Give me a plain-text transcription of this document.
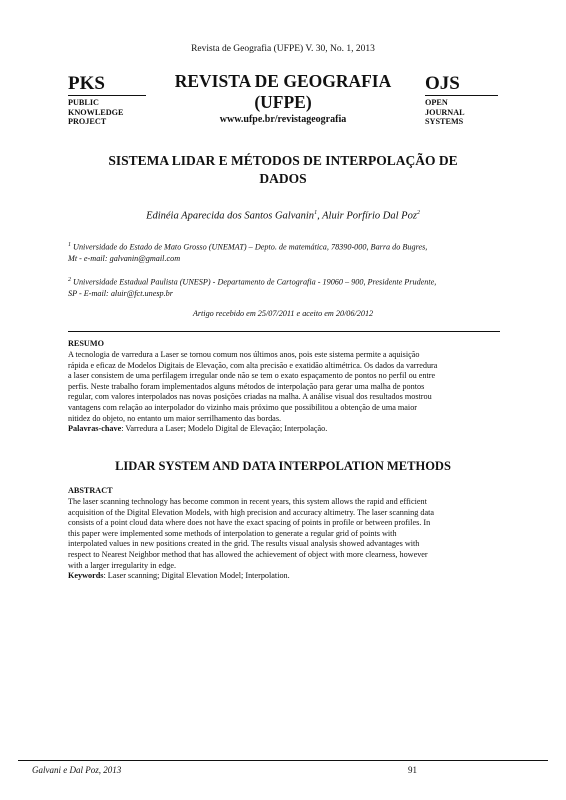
Revista de Geografia (UFPE) V. 30, No. 1, 2013
PKS
PUBLIC
KNOWLEDGE
PROJECT
REVISTA DE GEOGRAFIA
(UFPE)
www.ufpe.br/revistageografia
OJS
OPEN
JOURNAL
SYSTEMS
SISTEMA LIDAR E MÉTODOS DE INTERPOLAÇÃO DE
DADOS
Edinéia Aparecida dos Santos Galvanin$^1$, Aluir Porfírio Dal Poz$^2$
$^1$ Universidade do Estado de Mato Grosso (UNEMAT) – Depto. de matemática, 78390-000, Barra do Bugres,
Mt - e-mail: galvanin@gmail.com
$^2$ Universidade Estadual Paulista (UNESP) - Departamento de Cartografia - 19060 – 900, Presidente Prudente,
SP - E-mail: aluir@fct.unesp.br
Artigo recebido em 25/07/2011 e aceito em 20/06/2012
RESUMO
A tecnologia de varredura a Laser se tornou comum nos últimos anos, pois este sistema permite a aquisição
rápida e eficaz de Modelos Digitais de Elevação, com alta precisão e exatidão altimétrica. Os dados da varredura
a laser consistem de uma perfilagem irregular onde não se tem o exato espaçamento de pontos no perfil ou entre
perfis. Neste trabalho foram implementados alguns métodos de interpolação para gerar uma malha de pontos
regular, com valores interpolados nas novas posições criadas na malha. A análise visual dos resultados mostrou
vantagens com relação ao interpolador do vizinho mais próximo que possibilitou a obtenção de uma maior
nitidez do objeto, no entanto um maior serrilhamento das bordas.
Palavras-chave: Varredura a Laser; Modelo Digital de Elevação; Interpolação.
LIDAR SYSTEM AND DATA INTERPOLATION METHODS
ABSTRACT
The laser scanning technology has become common in recent years, this system allows the rapid and efficient
acquisition of the Digital Elevation Models, with high precision and accuracy altimetry. The laser scanning data
consists of a point cloud data where does not have the exact spacing of points in profile or between profiles. In
this paper were implemented some methods of interpolation to generate a regular grid of points with
interpolated values in new positions created in the grid. The results visual analysis showed advantages with
respect to Nearest Neighbor method that has allowed the achievement of object with more clearness, however
with a larger irregularity in edge.
Keywords: Laser scanning; Digital Elevation Model; Interpolation.
Galvani e Dal Poz, 2013	91
